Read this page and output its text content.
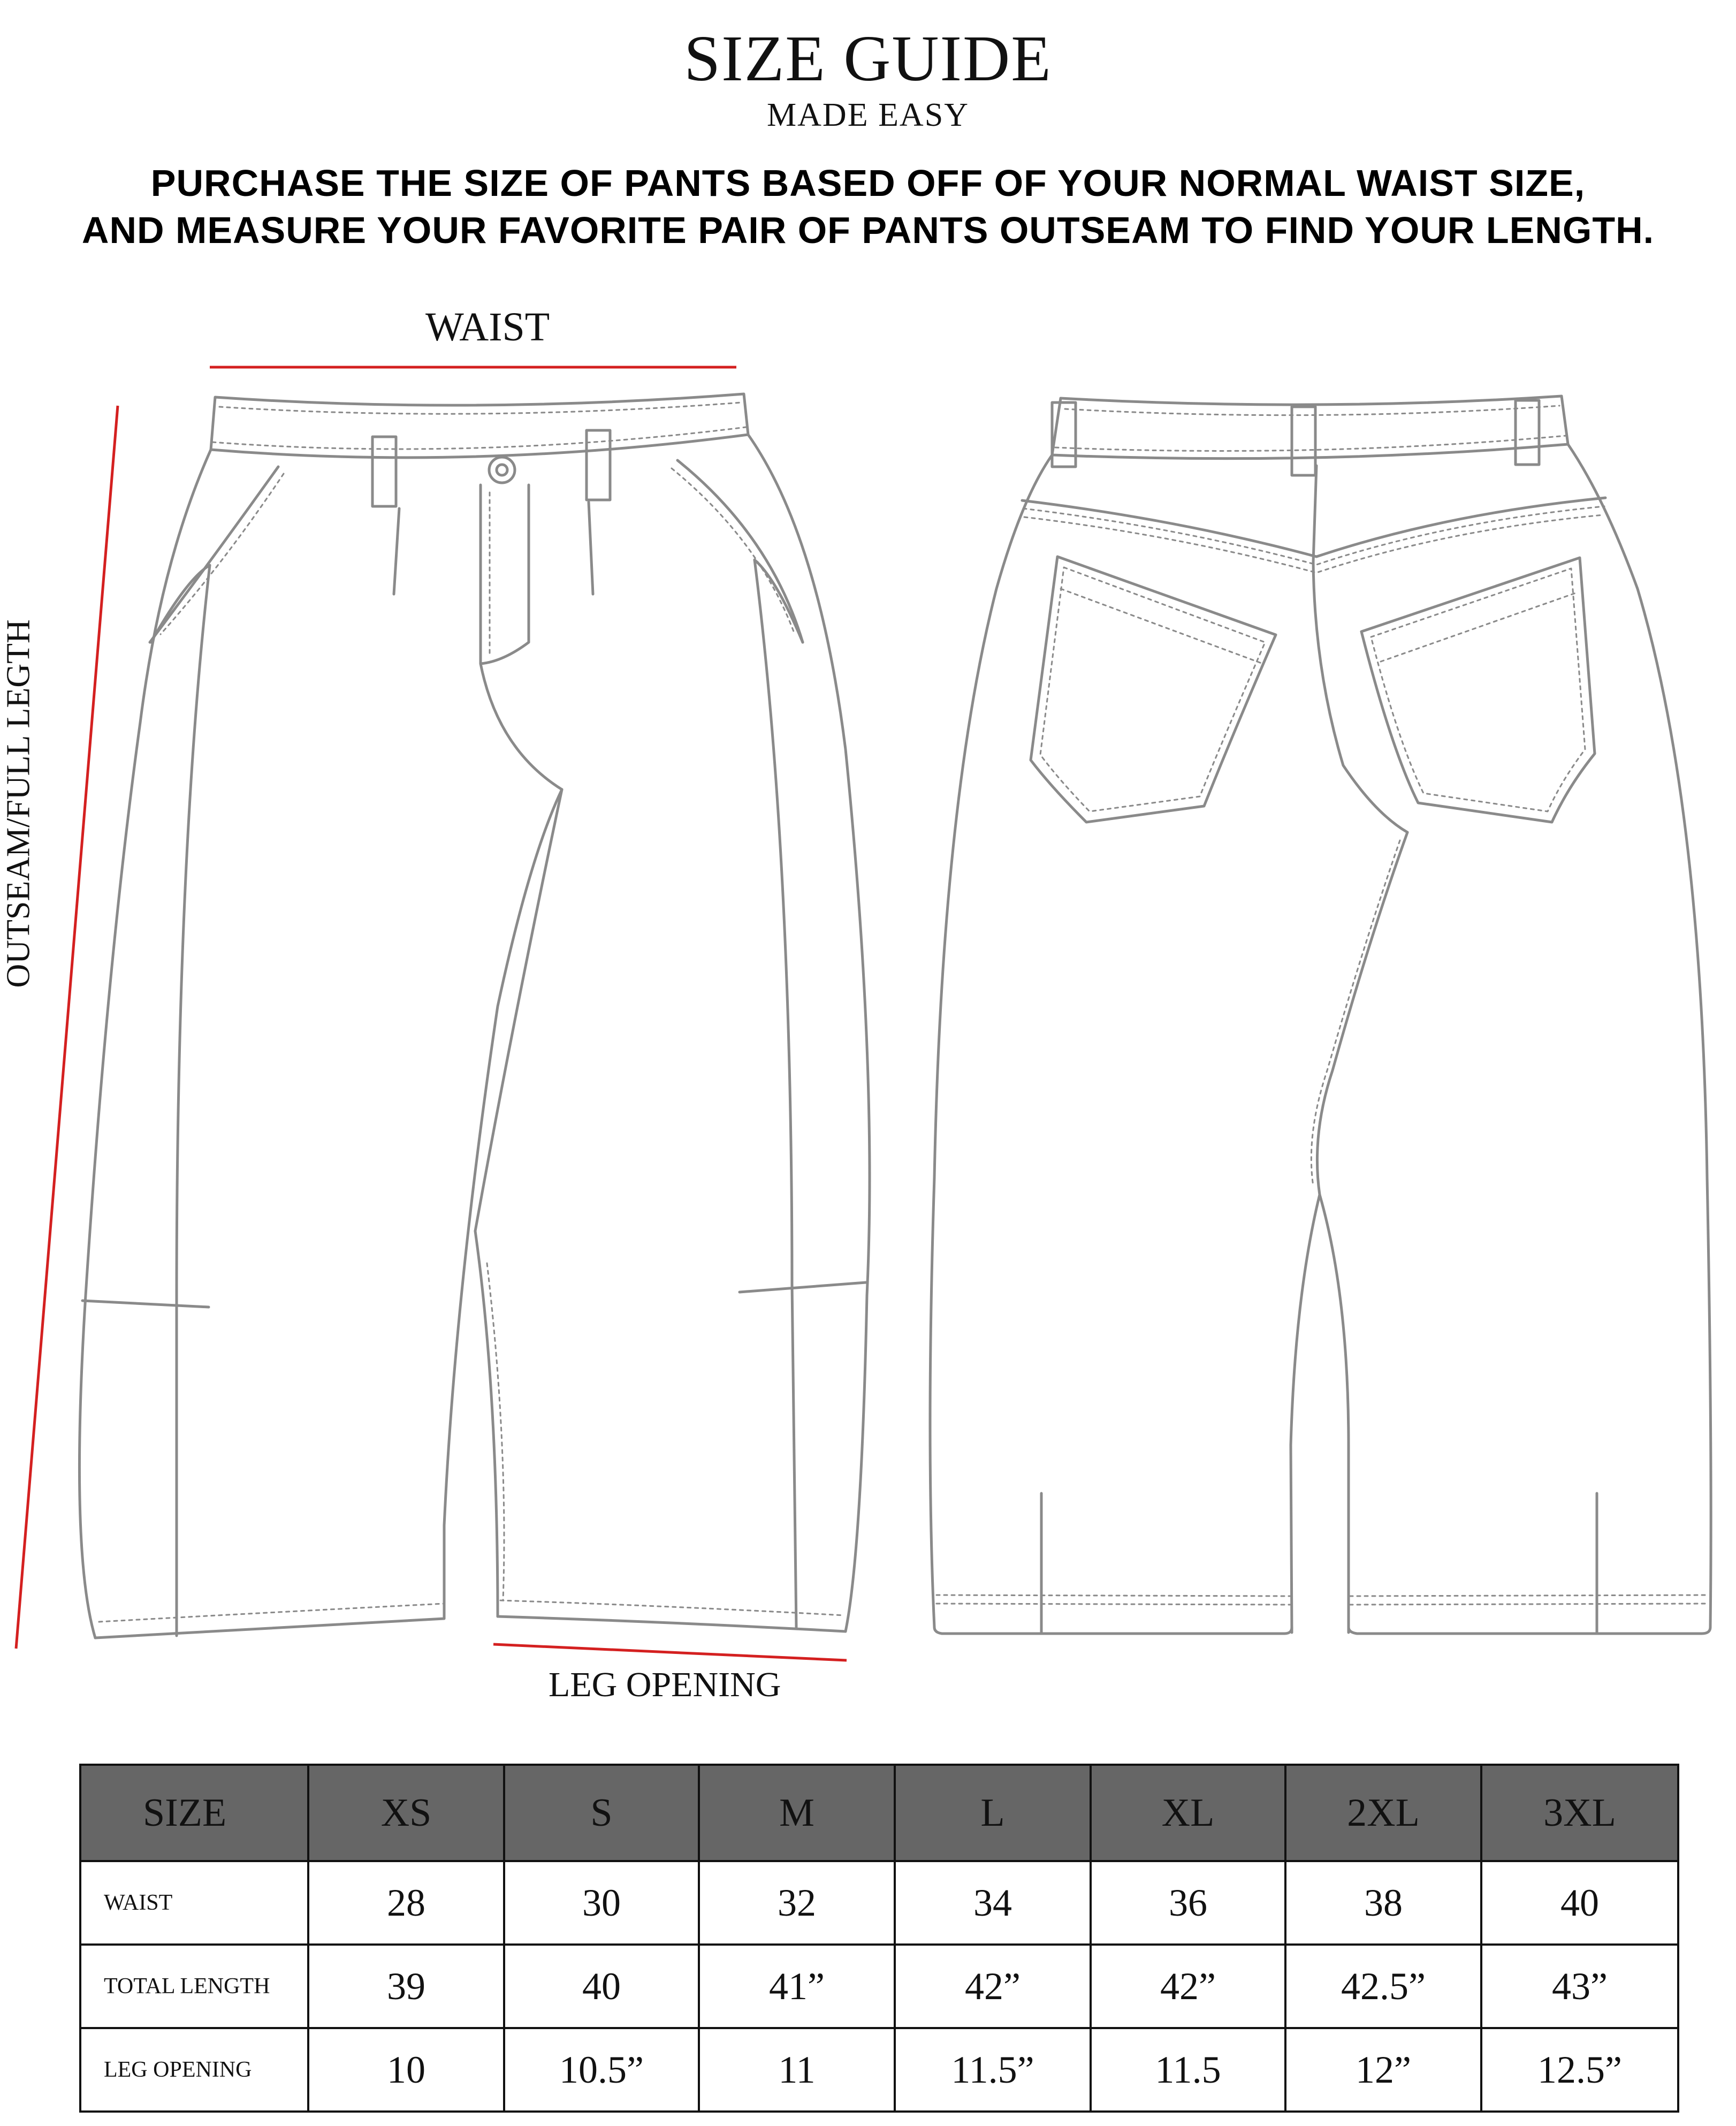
SIZE GUIDE
MADE EASY
PURCHASE THE SIZE OF PANTS BASED OFF OF YOUR NORMAL WAIST SIZE,
AND MEASURE YOUR FAVORITE PAIR OF PANTS OUTSEAM TO FIND YOUR LENGTH.
WAIST
OUTSEAM/FULL LEGTH
LEG OPENING
SIZE	XS	S	M	L	XL	2XL	3XL
WAIST	28	30	32	34	36	38	40
TOTAL LENGTH	39	40	41”	42”	42”	42.5”	43”
LEG OPENING	10	10.5”	11	11.5”	11.5	12”	12.5”
